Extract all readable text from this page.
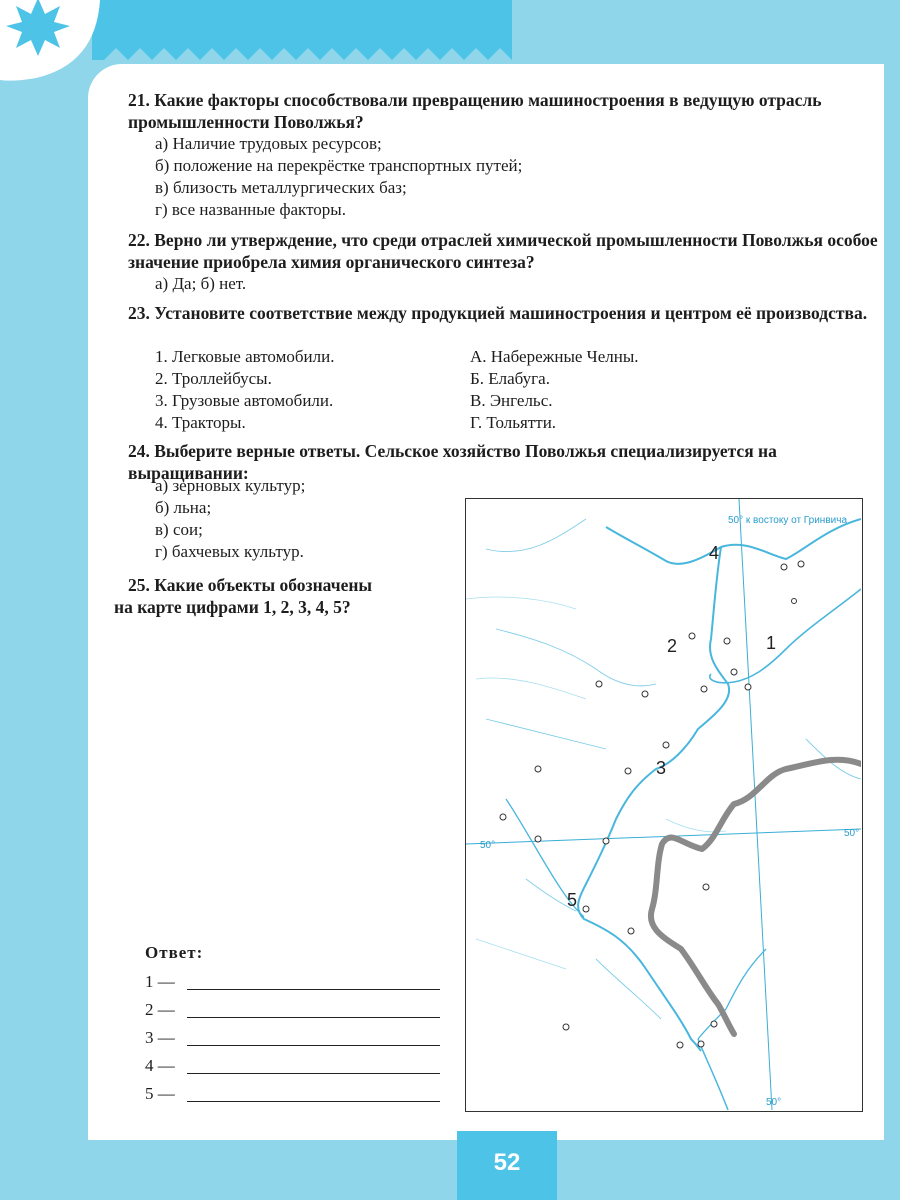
21. Какие факторы способствовали превращению машиностроения в ведущую отрасль промышленности Поволжья?
а) Наличие трудовых ресурсов;
б) положение на перекрёстке транспортных путей;
в) близость металлургических баз;
г) все названные факторы.
22. Верно ли утверждение, что среди отраслей химической промышленности Поволжья особое значение приобрела химия органического синтеза?
а) Да; б) нет.
23. Установите соответствие между продукцией машиностроения и центром её производства.
1. Легковые автомобили.
2. Троллейбусы.
3. Грузовые автомобили.
4. Тракторы.
А. Набережные Челны.
Б. Елабуга.
В. Энгельс.
Г. Тольятти.
24. Выберите верные ответы. Сельское хозяйство Поволжья специализируется на выращивании:
а) зерновых культур;
б) льна;
в) сои;
г) бахчевых культур.
25. Какие объекты обозначены
на карте цифрами 1, 2, 3, 4, 5?
50° к востоку от Гринвича
50°
50°
50°
1
2
3
4
5
Ответ:
1 —
2 —
3 —
4 —
5 —
52
